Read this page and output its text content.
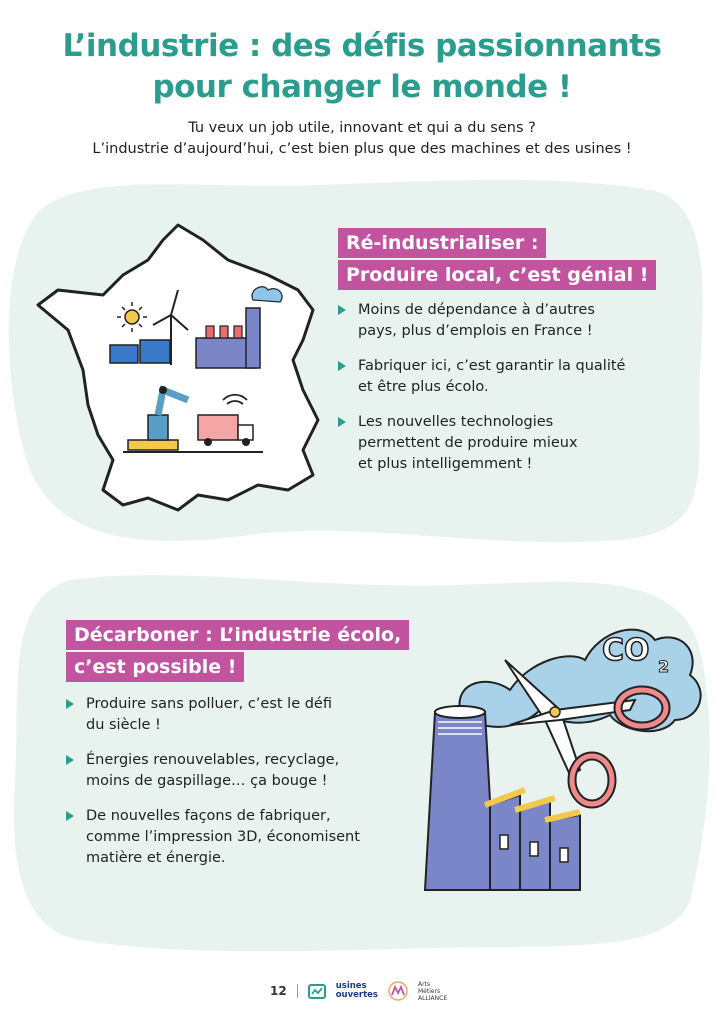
L’industrie : des défis passionnants
pour changer le monde !
Tu veux un job utile, innovant et qui a du sens ?
L’industrie d’aujourd’hui, c’est bien plus que des machines et des usines !
Ré-industrialiser :
Produire local, c’est génial !
Moins de dépendance à d’autres
pays, plus d’emplois en France !
Fabriquer ici, c’est garantir la qualité
et être plus écolo.
Les nouvelles technologies
permettent de produire mieux
et plus intelligemment !
Décarboner : L’industrie écolo,
c’est possible !
Produire sans polluer, c’est le défi
du siècle !
Énergies renouvelables, recyclage,
moins de gaspillage… ça bouge !
De nouvelles façons de fabriquer,
comme l’impression 3D, économisent
matière et énergie.
CO 2
12	usines
ouvertes
Arts
Métiers
ALLIANCE
